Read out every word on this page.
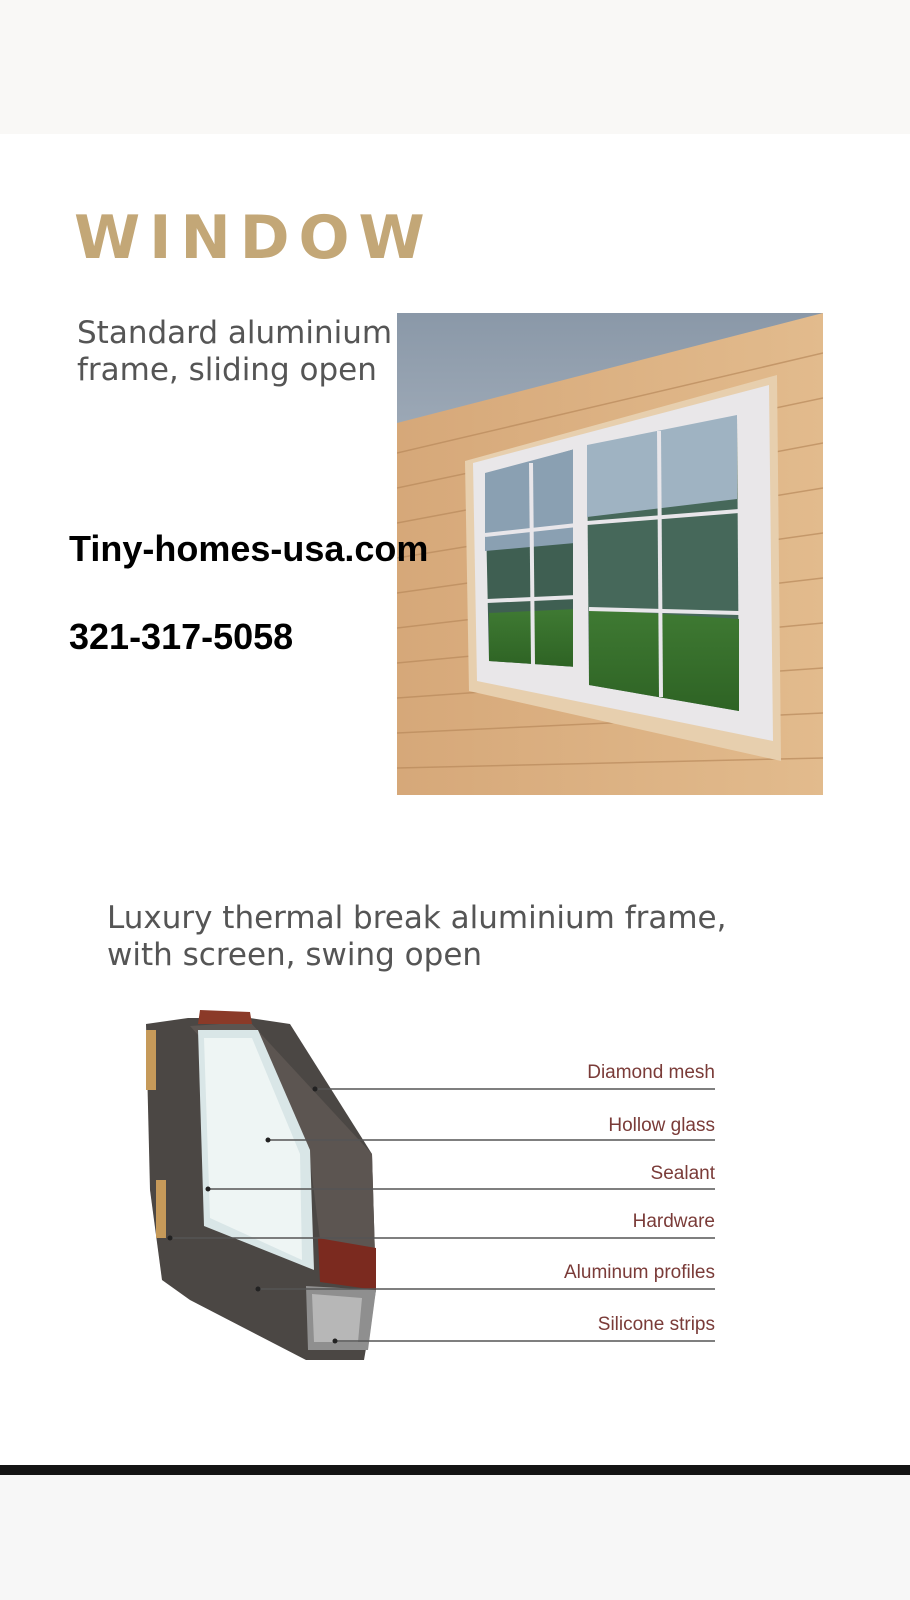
WINDOW

Standard aluminium frame, sliding open

Tiny-homes-usa.com

321-317-5058

Luxury thermal break aluminium frame, with screen, swing open

Diamond mesh
Hollow glass
Sealant
Hardware
Aluminum profiles
Silicone strips
